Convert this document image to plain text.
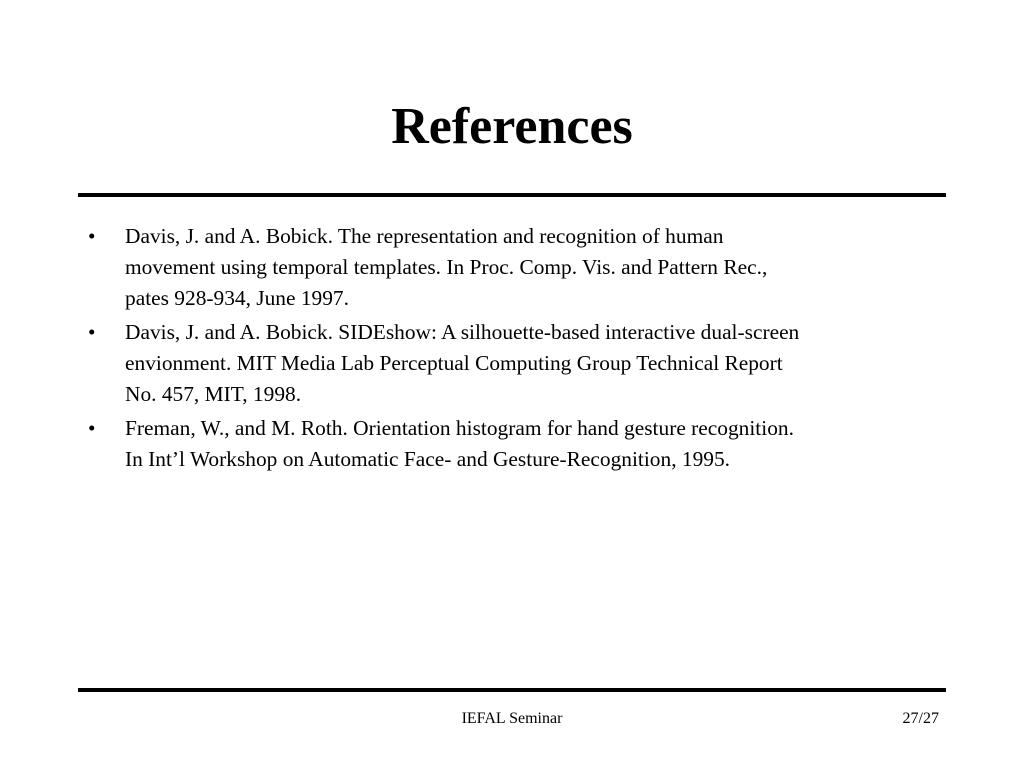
References
• Davis, J. and A. Bobick. The representation and recognition of human
movement using temporal templates. In Proc. Comp. Vis. and Pattern Rec.,
pates 928-934, June 1997.
• Davis, J. and A. Bobick. SIDEshow: A silhouette-based interactive dual-screen
envionment. MIT Media Lab Perceptual Computing Group Technical Report
No. 457, MIT, 1998.
• Freman, W., and M. Roth. Orientation histogram for hand gesture recognition.
In Int’l Workshop on Automatic Face- and Gesture-Recognition, 1995.
IEFAL Seminar	27/27
